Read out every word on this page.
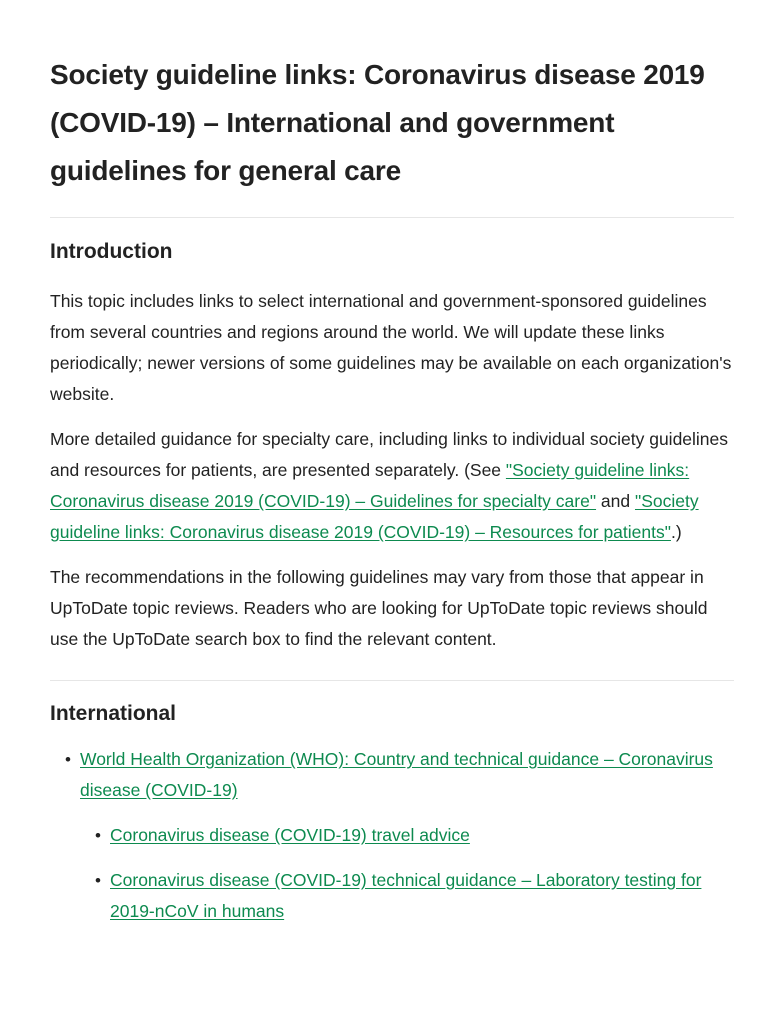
Society guideline links: Coronavirus disease 2019 (COVID-19) – International and government guidelines for general care
Introduction

This topic includes links to select international and government-sponsored guidelines from several countries and regions around the world. We will update these links periodically; newer versions of some guidelines may be available on each organization's website.

More detailed guidance for specialty care, including links to individual society guidelines and resources for patients, are presented separately. (See "Society guideline links: Coronavirus disease 2019 (COVID-19) – Guidelines for specialty care" and "Society guideline links: Coronavirus disease 2019 (COVID-19) – Resources for patients".)

The recommendations in the following guidelines may vary from those that appear in UpToDate topic reviews. Readers who are looking for UpToDate topic reviews should use the UpToDate search box to find the relevant content.

International
• World Health Organization (WHO): Country and technical guidance – Coronavirus disease (COVID-19)
• Coronavirus disease (COVID-19) travel advice
• Coronavirus disease (COVID-19) technical guidance – Laboratory testing for 2019-nCoV in humans
